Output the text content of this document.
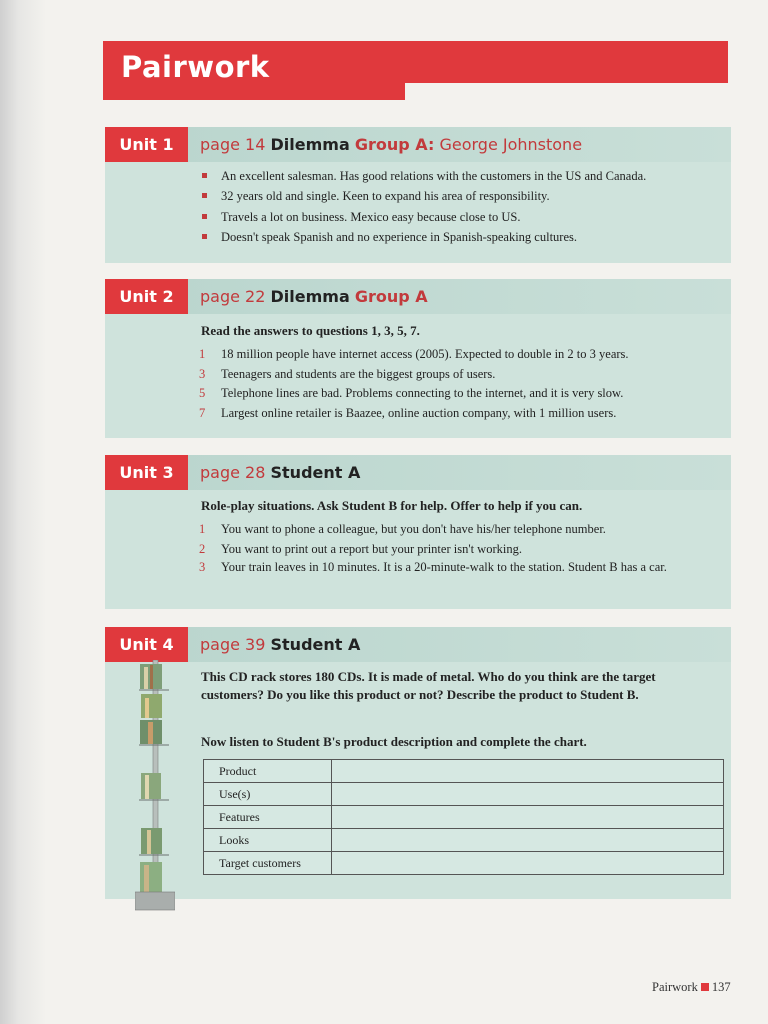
Pairwork
Unit 1	page 14 Dilemma Group A: George Johnstone
An excellent salesman. Has good relations with the customers in the US and Canada.
32 years old and single. Keen to expand his area of responsibility.
Travels a lot on business. Mexico easy because close to US.
Doesn't speak Spanish and no experience in Spanish-speaking cultures.
Unit 2	page 22 Dilemma Group A
Read the answers to questions 1, 3, 5, 7.
1 18 million people have internet access (2005). Expected to double in 2 to 3 years.
3 Teenagers and students are the biggest groups of users.
5 Telephone lines are bad. Problems connecting to the internet, and it is very slow.
7 Largest online retailer is Baazee, online auction company, with 1 million users.
Unit 3	page 28 Student A
Role-play situations. Ask Student B for help. Offer to help if you can.
1 You want to phone a colleague, but you don't have his/her telephone number.
2 You want to print out a report but your printer isn't working.
3 Your train leaves in 10 minutes. It is a 20-minute-walk to the station. Student B has a car.
Unit 4	page 39 Student A
This CD rack stores 180 CDs. It is made of metal. Who do you think are the target customers? Do you like this product or not? Describe the product to Student B.
Now listen to Student B's product description and complete the chart.
Product	
Use(s)	
Features	
Looks	
Target customers	
Pairwork 137
